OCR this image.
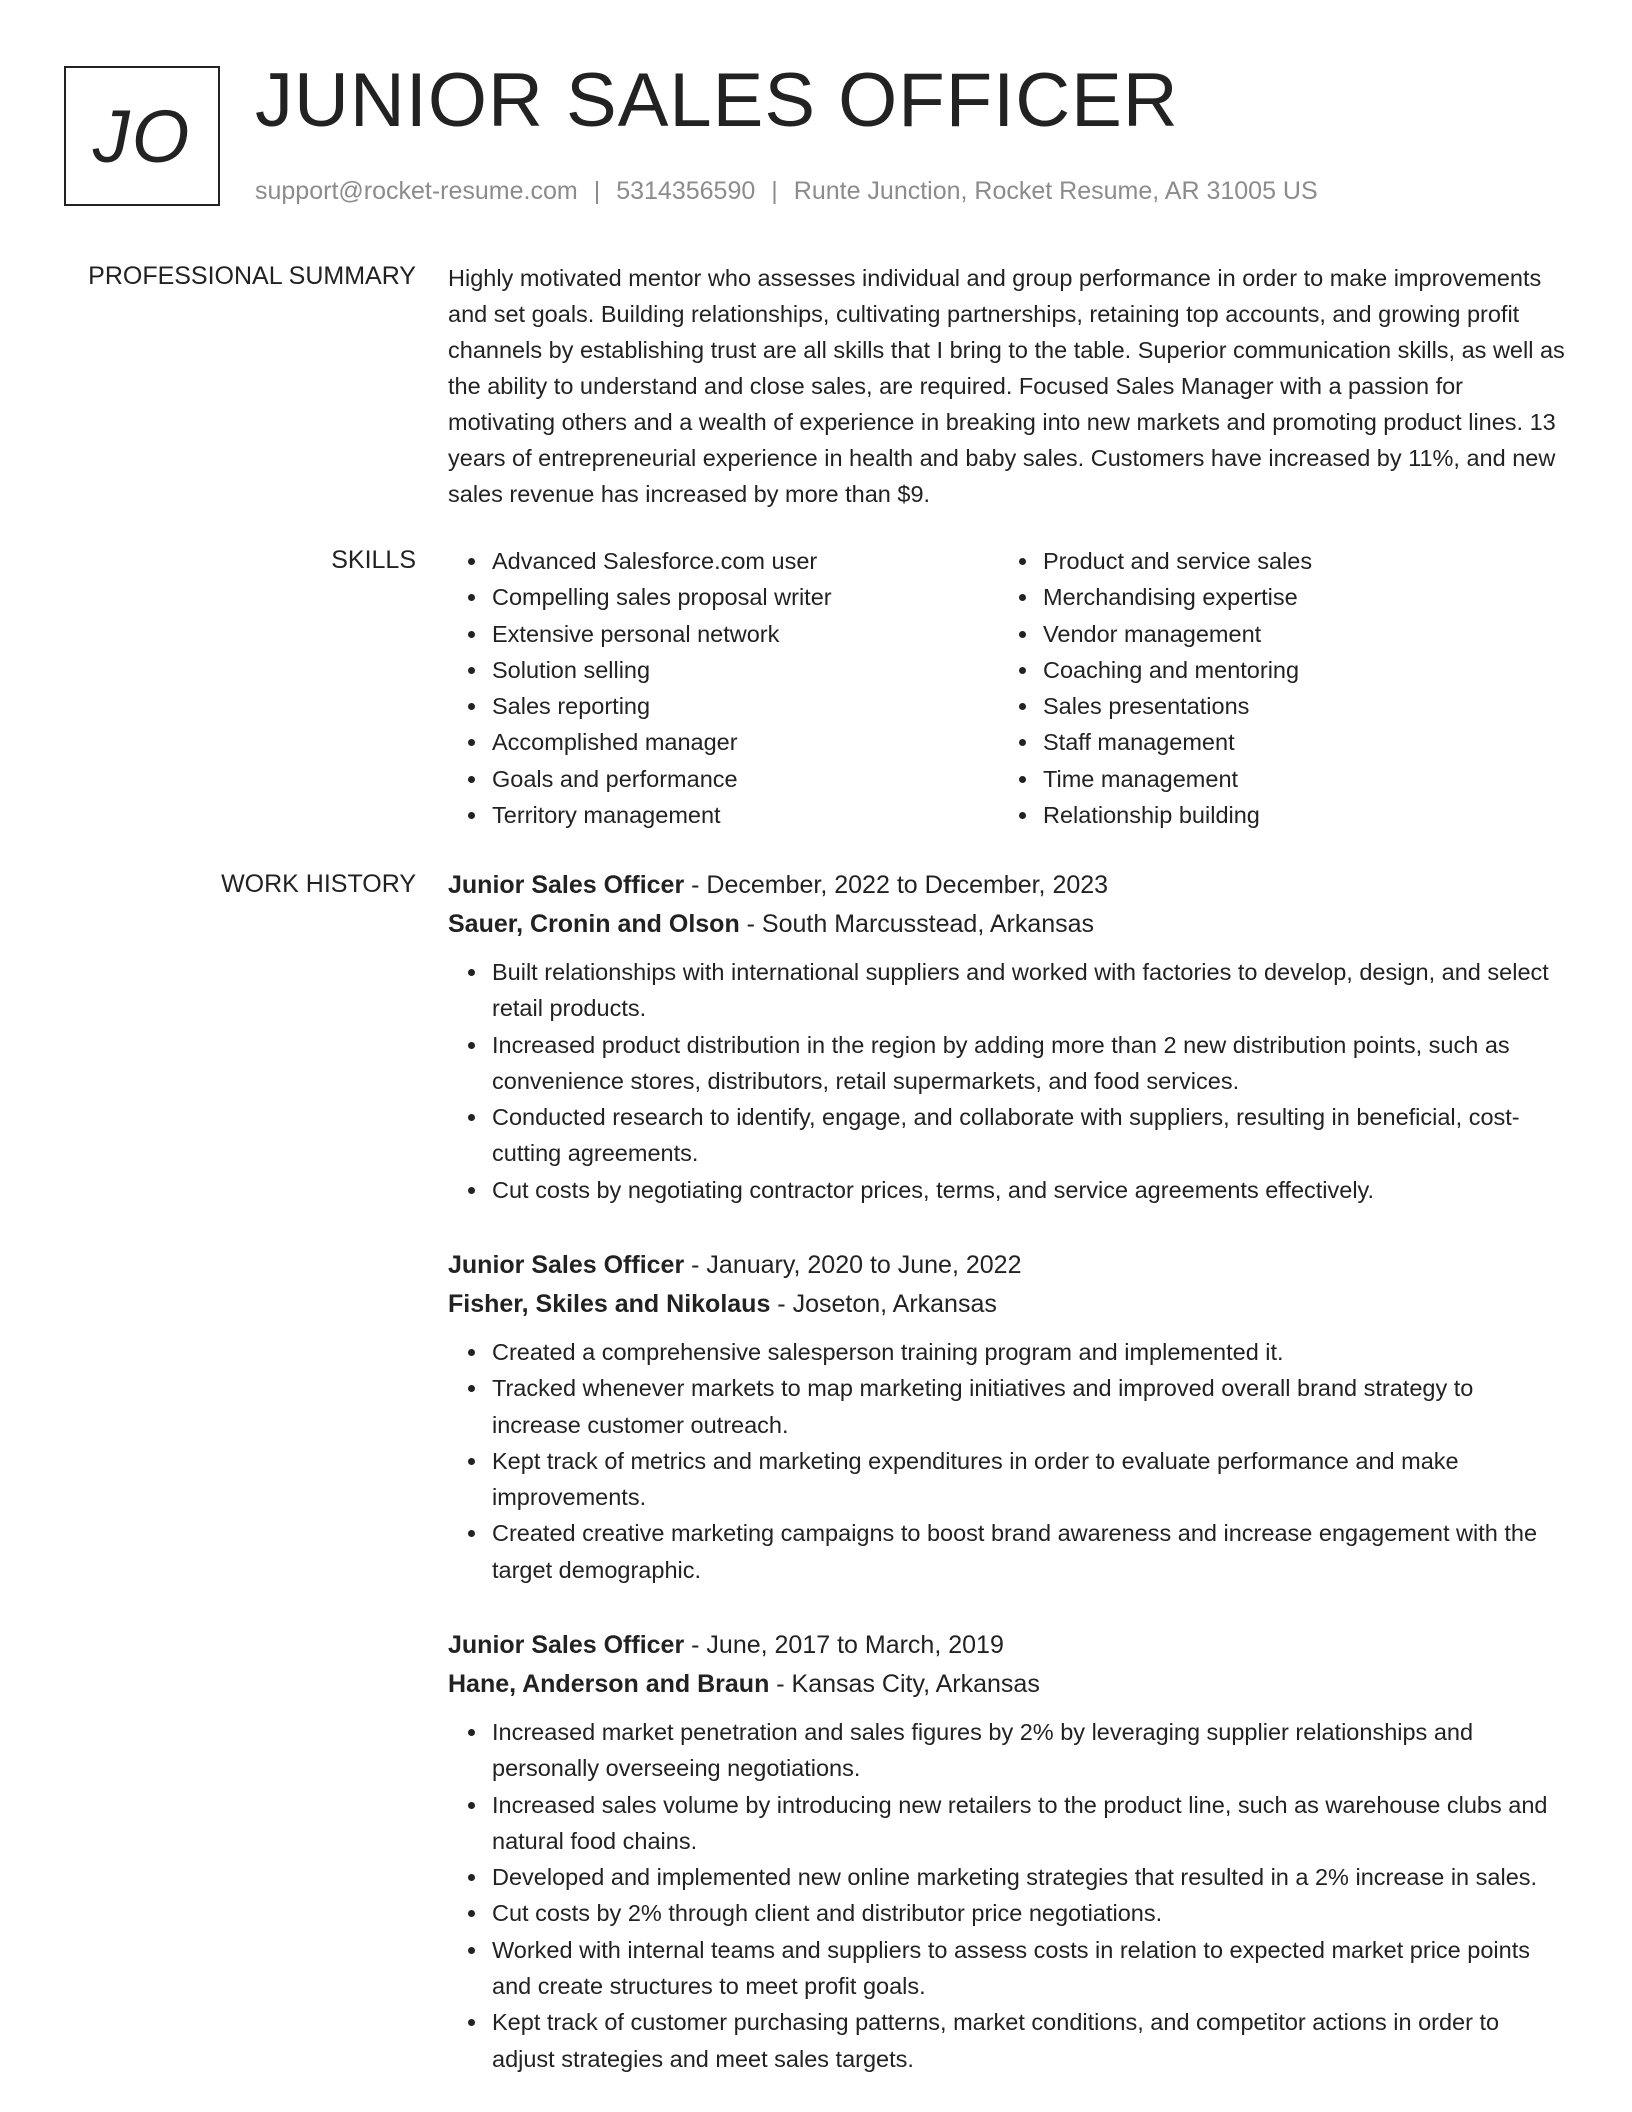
JO JUNIOR SALES OFFICER
support@rocket-resume.com | 5314356590 | Runte Junction, Rocket Resume, AR 31005 US
PROFESSIONAL SUMMARY Highly motivated mentor who assesses individual and group performance in order to make improvements and set goals. Building relationships, cultivating partnerships, retaining top accounts, and growing profit channels by establishing trust are all skills that I bring to the table. Superior communication skills, as well as the ability to understand and close sales, are required. Focused Sales Manager with a passion for motivating others and a wealth of experience in breaking into new markets and promoting product lines. 13 years of entrepreneurial experience in health and baby sales. Customers have increased by 11%, and new sales revenue has increased by more than $9.
SKILLS	Advanced Salesforce.com user
Compelling sales proposal writer
Extensive personal network
Solution selling
Sales reporting
Accomplished manager
Goals and performance
Territory management
Product and service sales
Merchandising expertise
Vendor management
Coaching and mentoring
Sales presentations
Staff management
Time management
Relationship building
WORK HISTORY Junior Sales Officer - December, 2022 to December, 2023
Sauer, Cronin and Olson - South Marcusstead, Arkansas
Built relationships with international suppliers and worked with factories to develop, design, and select retail products.
Increased product distribution in the region by adding more than 2 new distribution points, such as convenience stores, distributors, retail supermarkets, and food services.
Conducted research to identify, engage, and collaborate with suppliers, resulting in beneficial, cost-cutting agreements.
Cut costs by negotiating contractor prices, terms, and service agreements effectively.
Junior Sales Officer - January, 2020 to June, 2022
Fisher, Skiles and Nikolaus - Joseton, Arkansas
Created a comprehensive salesperson training program and implemented it.
Tracked whenever markets to map marketing initiatives and improved overall brand strategy to increase customer outreach.
Kept track of metrics and marketing expenditures in order to evaluate performance and make improvements.
Created creative marketing campaigns to boost brand awareness and increase engagement with the target demographic.
Junior Sales Officer - June, 2017 to March, 2019
Hane, Anderson and Braun - Kansas City, Arkansas
Increased market penetration and sales figures by 2% by leveraging supplier relationships and personally overseeing negotiations.
Increased sales volume by introducing new retailers to the product line, such as warehouse clubs and natural food chains.
Developed and implemented new online marketing strategies that resulted in a 2% increase in sales.
Cut costs by 2% through client and distributor price negotiations.
Worked with internal teams and suppliers to assess costs in relation to expected market price points and create structures to meet profit goals.
Kept track of customer purchasing patterns, market conditions, and competitor actions in order to adjust strategies and meet sales targets.
